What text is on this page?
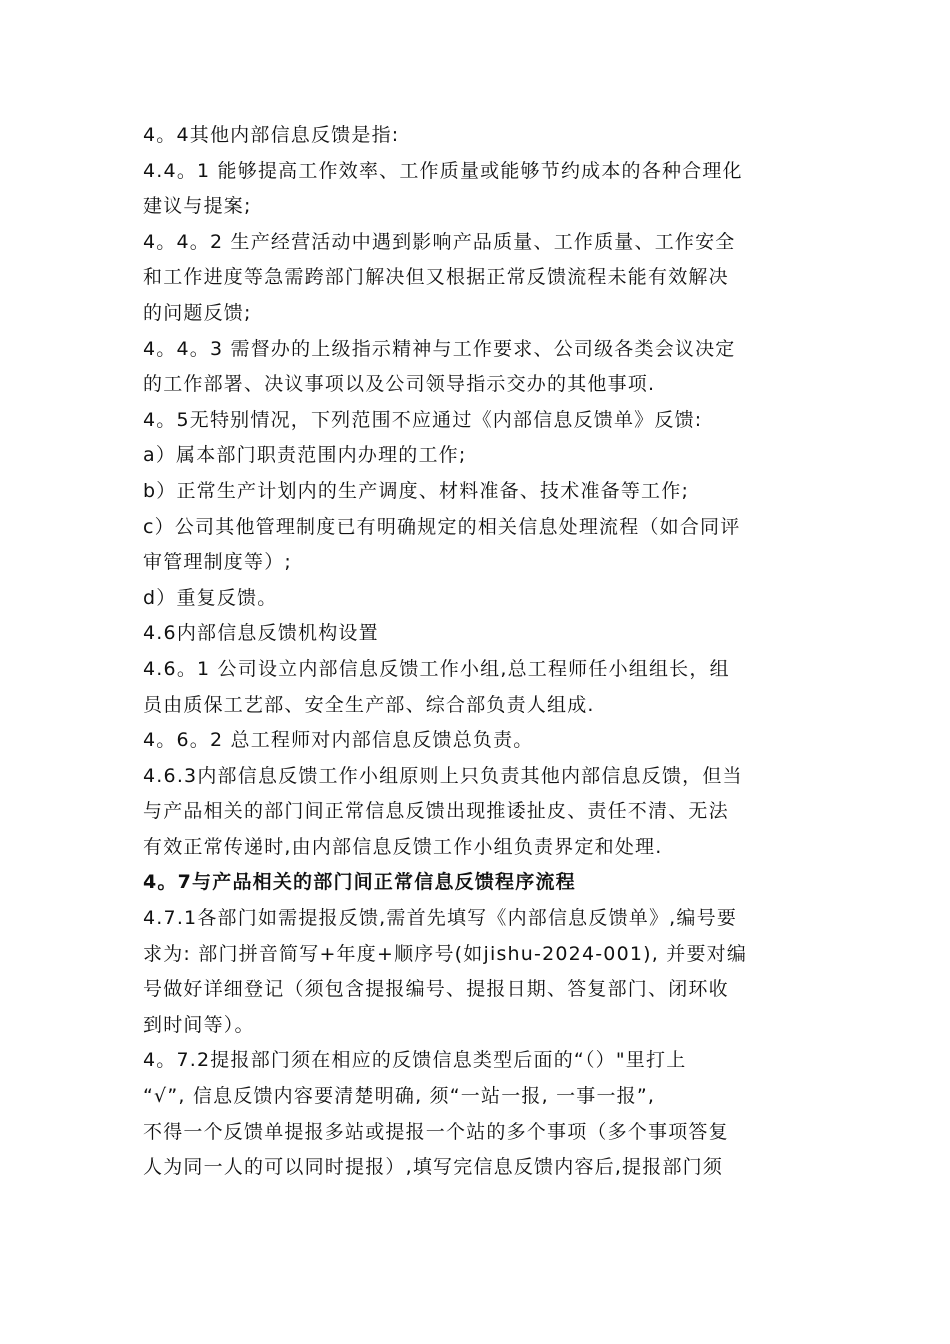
4。4其他内部信息反馈是指:
4.4。1 能够提高工作效率、工作质量或能够节约成本的各种合理化
建议与提案;
4。4。2 生产经营活动中遇到影响产品质量、工作质量、工作安全
和工作进度等急需跨部门解决但又根据正常反馈流程未能有效解决
的问题反馈;
4。4。3 需督办的上级指示精神与工作要求、公司级各类会议决定
的工作部署、决议事项以及公司领导指示交办的其他事项.
4。5无特别情况，下列范围不应通过《内部信息反馈单》反馈:
a）属本部门职责范围内办理的工作;
b）正常生产计划内的生产调度、材料准备、技术准备等工作;
c）公司其他管理制度已有明确规定的相关信息处理流程（如合同评
审管理制度等）;
d）重复反馈。
4.6内部信息反馈机构设置
4.6。1 公司设立内部信息反馈工作小组,总工程师任小组组长，组
员由质保工艺部、安全生产部、综合部负责人组成.
4。6。2 总工程师对内部信息反馈总负责。
4.6.3内部信息反馈工作小组原则上只负责其他内部信息反馈，但当
与产品相关的部门间正常信息反馈出现推诿扯皮、责任不清、无法
有效正常传递时,由内部信息反馈工作小组负责界定和处理.
4。7与产品相关的部门间正常信息反馈程序流程
4.7.1各部门如需提报反馈,需首先填写《内部信息反馈单》,编号要
求为: 部门拼音简写+年度+顺序号(如jishu-2024-001), 并要对编
号做好详细登记（须包含提报编号、提报日期、答复部门、闭环收
到时间等）。
4。7.2提报部门须在相应的反馈信息类型后面的“（）"里打上
“√”, 信息反馈内容要清楚明确, 须“一站一报, 一事一报”,
不得一个反馈单提报多站或提报一个站的多个事项（多个事项答复
人为同一人的可以同时提报）,填写完信息反馈内容后,提报部门须
